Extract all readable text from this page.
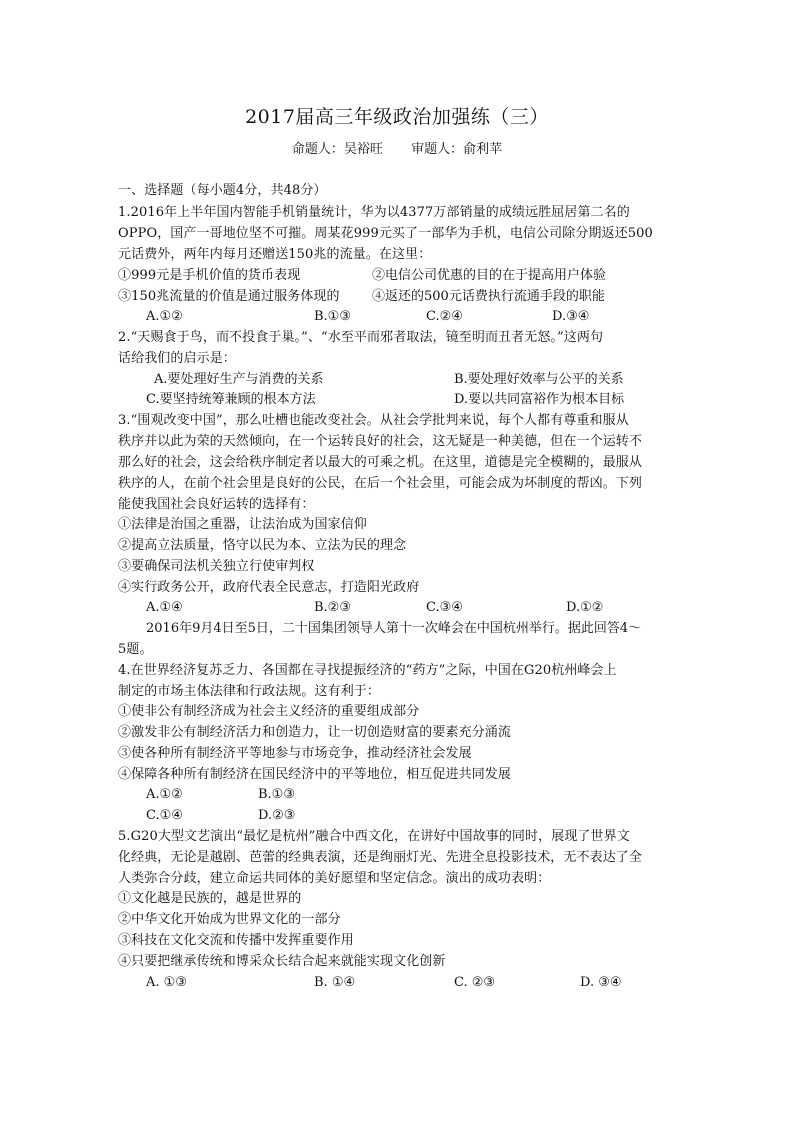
2017届高三年级政治加强练（三）
命题人：吴裕旺 审题人：俞利苹
一、选择题（每小题4分，共48分）
1.2016年上半年国内智能手机销量统计，华为以4377万部销量的成绩远胜屈居第二名的
OPPO，国产一哥地位坚不可摧。周某花999元买了一部华为手机，电信公司除分期返还500
元话费外，两年内每月还赠送150兆的流量。在这里：
①999元是手机价值的货币表现	②电信公司优惠的目的在于提高用户体验
③150兆流量的价值是通过服务体现的 ④返还的500元话费执行流通手段的职能
A.①②	B.①③	C.②④	D.③④
2.“天赐食于鸟，而不投食于巢。”、“水至平而邪者取法，镜至明而丑者无怒。”这两句
话给我们的启示是：
A.要处理好生产与消费的关系	B.要处理好效率与公平的关系
C.要坚持统筹兼顾的根本方法	D.要以共同富裕作为根本目标
3.“围观改变中国”，那么吐槽也能改变社会。从社会学批判来说，每个人都有尊重和服从
秩序并以此为荣的天然倾向，在一个运转良好的社会，这无疑是一种美德，但在一个运转不
那么好的社会，这会给秩序制定者以最大的可乘之机。在这里，道德是完全模糊的，最服从
秩序的人，在前个社会里是良好的公民，在后一个社会里，可能会成为坏制度的帮凶。下列
能使我国社会良好运转的选择有：
①法律是治国之重器，让法治成为国家信仰
②提高立法质量，恪守以民为本、立法为民的理念
③要确保司法机关独立行使审判权
④实行政务公开，政府代表全民意志，打造阳光政府
A.①④	B.②③	C.③④	D.①②
2016年9月4日至5日，二十国集团领导人第十一次峰会在中国杭州举行。据此回答4～
5题。
4.在世界经济复苏乏力、各国都在寻找提振经济的“药方”之际，中国在G20杭州峰会上
制定的市场主体法律和行政法规。这有利于：
①使非公有制经济成为社会主义经济的重要组成部分
②激发非公有制经济活力和创造力，让一切创造财富的要素充分涌流
③使各种所有制经济平等地参与市场竞争，推动经济社会发展
④保障各种所有制经济在国民经济中的平等地位，相互促进共同发展
A.①②	B.①③
C.①④	D.②③
5.G20大型文艺演出“最忆是杭州”融合中西文化，在讲好中国故事的同时，展现了世界文
化经典，无论是越剧、芭蕾的经典表演，还是绚丽灯光、先进全息投影技术，无不表达了全
人类弥合分歧，建立命运共同体的美好愿望和坚定信念。演出的成功表明：
①文化越是民族的，越是世界的
②中华文化开始成为世界文化的一部分
③科技在文化交流和传播中发挥重要作用
④只要把继承传统和博采众长结合起来就能实现文化创新
A. ①③	B. ①④	C. ②③	D. ③④
